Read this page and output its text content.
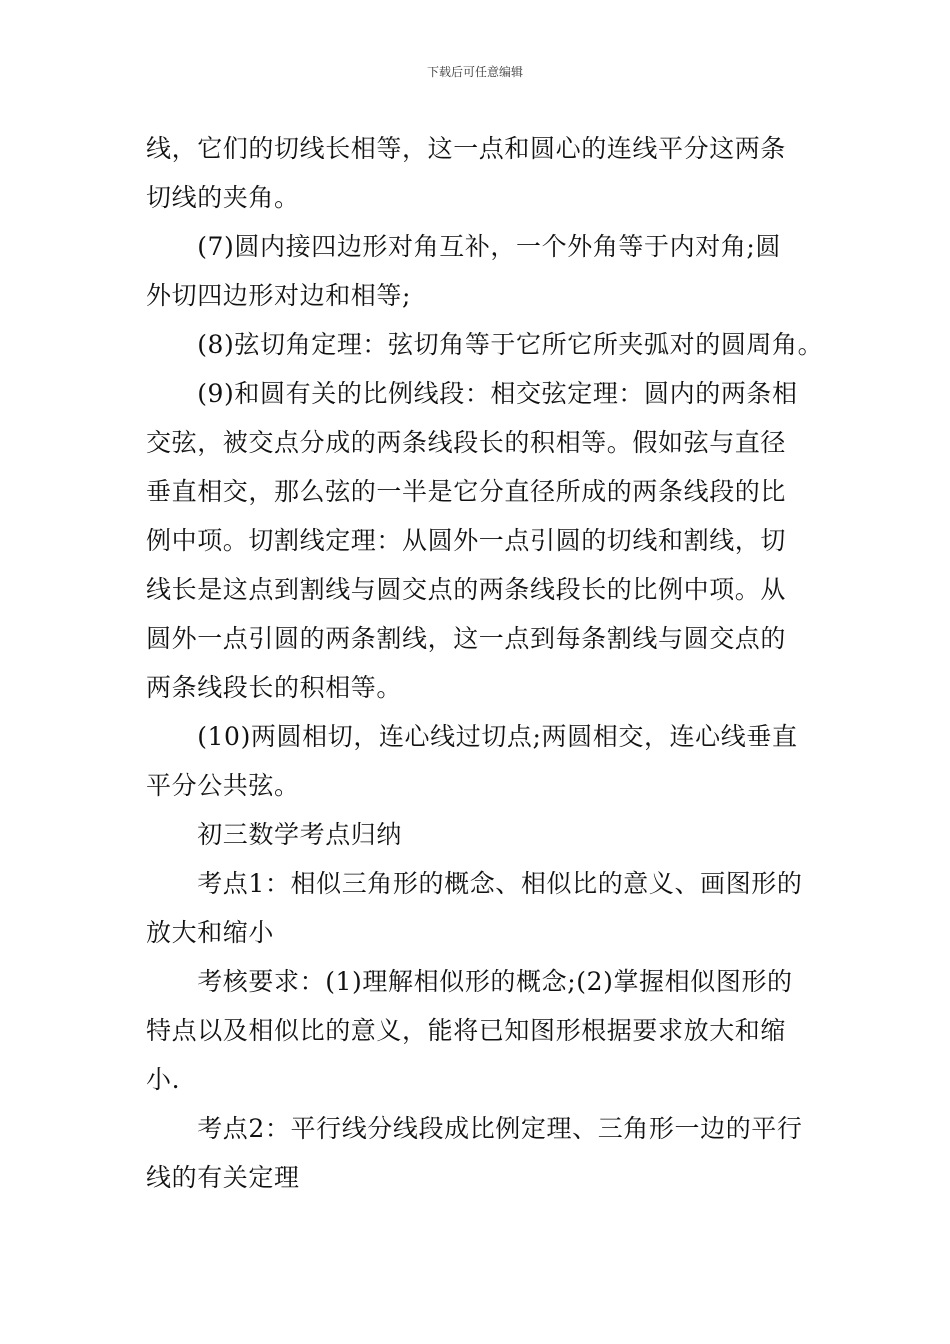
下载后可任意编辑
线，它们的切线长相等，这一点和圆心的连线平分这两条
切线的夹角。
　　(7)圆内接四边形对角互补，一个外角等于内对角;圆
外切四边形对边和相等;
　　(8)弦切角定理：弦切角等于它所它所夹弧对的圆周角。
　　(9)和圆有关的比例线段：相交弦定理：圆内的两条相
交弦，被交点分成的两条线段长的积相等。假如弦与直径
垂直相交，那么弦的一半是它分直径所成的两条线段的比
例中项。切割线定理：从圆外一点引圆的切线和割线，切
线长是这点到割线与圆交点的两条线段长的比例中项。从
圆外一点引圆的两条割线，这一点到每条割线与圆交点的
两条线段长的积相等。
　　(10)两圆相切，连心线过切点;两圆相交，连心线垂直
平分公共弦。
　　初三数学考点归纳
　　考点1：相似三角形的概念、相似比的意义、画图形的
放大和缩小
　　考核要求：(1)理解相似形的概念;(2)掌握相似图形的
特点以及相似比的意义，能将已知图形根据要求放大和缩
小.
　　考点2：平行线分线段成比例定理、三角形一边的平行
线的有关定理
